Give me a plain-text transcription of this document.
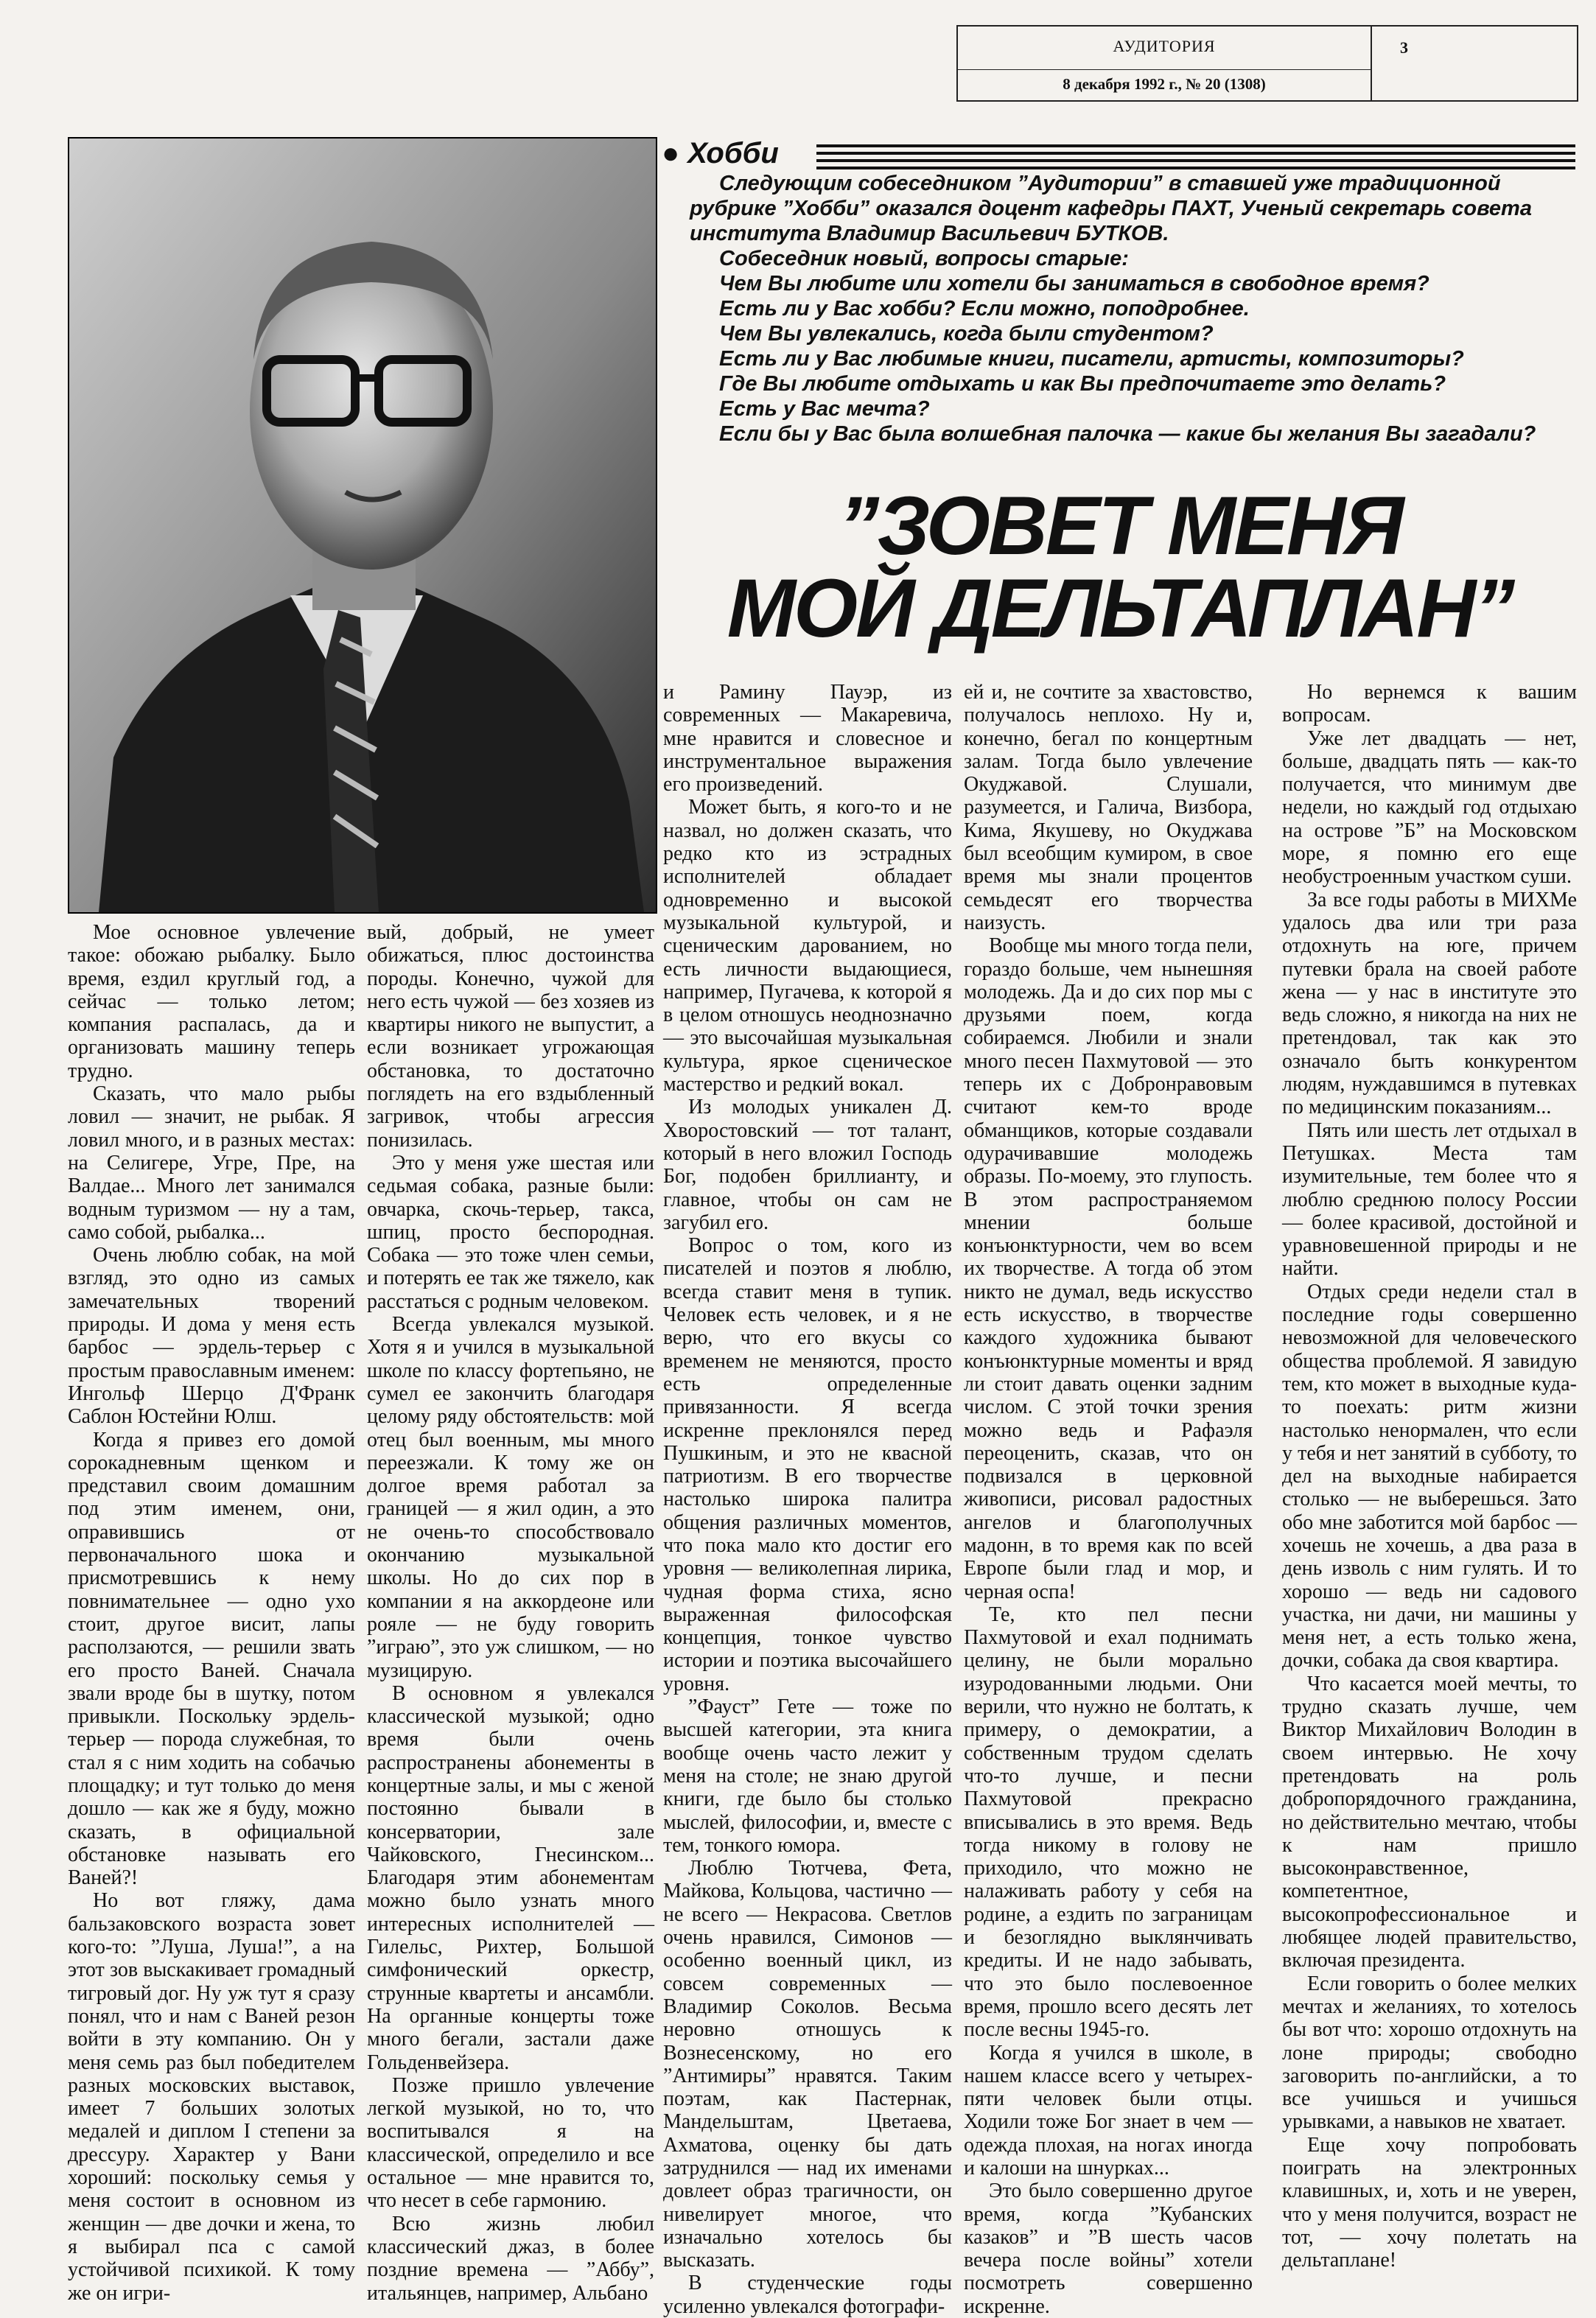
АУДИТОРИЯ
8 декабря 1992 г., № 20 (1308)
3
● Хобби

Следующим собеседником ”Аудитории” в ставшей уже традиционной рубрике ”Хобби” оказался доцент кафедры ПАХТ, Ученый секретарь совета института Владимир Васильевич БУТКОВ.

Собеседник новый, вопросы старые:

Чем Вы любите или хотели бы заниматься в свободное время?

Есть ли у Вас хобби? Если можно, поподробнее.

Чем Вы увлекались, когда были студентом?

Есть ли у Вас любимые книги, писатели, артисты, композиторы?

Где Вы любите отдыхать и как Вы предпочитаете это делать?

Есть у Вас мечта?

Если бы у Вас была волшебная палочка — какие бы желания Вы загадали?

”ЗОВЕТ МЕНЯ
МОЙ ДЕЛЬТАПЛАН”

Мое основное увлечение такое: обожаю рыбалку. Было время, ездил круглый год, а сейчас — только летом; компания распалась, да и организовать машину теперь трудно.

Сказать, что мало рыбы ловил — значит, не рыбак. Я ловил много, и в разных местах: на Селигере, Угре, Пре, на Валдае... Много лет занимался водным туризмом — ну а там, само собой, рыбалка...

Очень люблю собак, на мой взгляд, это одно из самых замечательных творений природы. И дома у меня есть барбос — эрдель-терьер с простым православным именем: Ингольф Шерцо Д'Франк Саблон Юстейни Юлш.

Когда я привез его домой сорокадневным щенком и представил своим домашним под этим именем, они, оправившись от первоначального шока и присмотревшись к нему повнимательнее — одно ухо стоит, другое висит, лапы расползаются, — решили звать его просто Ваней. Сначала звали вроде бы в шутку, потом привыкли. Поскольку эрдель-терьер — порода служебная, то стал я с ним ходить на собачью площадку; и тут только до меня дошло — как же я буду, можно сказать, в официальной обстановке называть его Ваней?!

Но вот гляжу, дама бальзаковского возраста зовет кого-то: ”Луша, Луша!”, а на этот зов выскакивает громадный тигровый дог. Ну уж тут я сразу понял, что и нам с Ваней резон войти в эту компанию. Он у меня семь раз был победителем разных московских выставок, имеет 7 больших золотых медалей и диплом I степени за дрессуру. Характер у Вани хороший: поскольку семья у меня состоит в основном из женщин — две дочки и жена, то я выбирал пса с самой устойчивой психикой. К тому же он игри-

вый, добрый, не умеет обижаться, плюс достоинства породы. Конечно, чужой для него есть чужой — без хозяев из квартиры никого не выпустит, а если возникает угрожающая обстановка, то достаточно поглядеть на его вздыбленный загривок, чтобы агрессия понизилась.

Это у меня уже шестая или седьмая собака, разные были: овчарка, скочь-терьер, такса, шпиц, просто беспородная. Собака — это тоже член семьи, и потерять ее так же тяжело, как расстаться с родным человеком.

Всегда увлекался музыкой. Хотя я и учился в музыкальной школе по классу фортепьяно, не сумел ее закончить благодаря целому ряду обстоятельств: мой отец был военным, мы много переезжали. К тому же он долгое время работал за границей — я жил один, а это не очень-то способствовало окончанию музыкальной школы. Но до сих пор в компании я на аккордеоне или рояле — не буду говорить ”играю”, это уж слишком, — но музицирую.

В основном я увлекался классической музыкой; одно время были очень распространены абонементы в концертные залы, и мы с женой постоянно бывали в консерватории, зале Чайковского, Гнесинском... Благодаря этим абонементам можно было узнать много интересных исполнителей — Гилельс, Рихтер, Большой симфонический оркестр, струнные квартеты и ансамбли. На органные концерты тоже много бегали, застали даже Гольденвейзера.

Позже пришло увлечение легкой музыкой, но то, что воспитывался я на классической, определило и все остальное — мне нравится то, что несет в себе гармонию.

Всю жизнь любил классический джаз, в более поздние времена — ”Аббу”, итальянцев, например, Альбано

и Рамину Пауэр, из современных — Макаревича, мне нравится и словесное и инструментальное выражения его произведений.

Может быть, я кого-то и не назвал, но должен сказать, что редко кто из эстрадных исполнителей обладает одновременно и высокой музыкальной культурой, и сценическим дарованием, но есть личности выдающиеся, например, Пугачева, к которой я в целом отношусь неоднозначно — это высочайшая музыкальная культура, яркое сценическое мастерство и редкий вокал.

Из молодых уникален Д. Хворостовский — тот талант, который в него вложил Господь Бог, подобен бриллианту, и главное, чтобы он сам не загубил его.

Вопрос о том, кого из писателей и поэтов я люблю, всегда ставит меня в тупик. Человек есть человек, и я не верю, что его вкусы со временем не меняются, просто есть определенные привязанности. Я всегда искренне преклонялся перед Пушкиным, и это не квасной патриотизм. В его творчестве настолько широка палитра общения различных моментов, что пока мало кто достиг его уровня — великолепная лирика, чудная форма стиха, ясно выраженная философская концепция, тонкое чувство истории и поэтика высочайшего уровня.

”Фауст” Гете — тоже по высшей категории, эта книга вообще очень часто лежит у меня на столе; не знаю другой книги, где было бы столько мыслей, философии, и, вместе с тем, тонкого юмора.

Люблю Тютчева, Фета, Майкова, Кольцова, частично — не всего — Некрасова. Светлов очень нравился, Симонов — особенно военный цикл, из совсем современных — Владимир Соколов. Весьма неровно отношусь к Вознесенскому, но его ”Антимиры” нравятся. Таким поэтам, как Пастернак, Мандельштам, Цветаева, Ахматова, оценку бы дать затруднился — над их именами довлеет образ трагичности, он нивелирует многое, что изначально хотелось бы высказать.

В студенческие годы усиленно увлекался фотографи-

ей и, не сочтите за хвастовство, получалось неплохо. Ну и, конечно, бегал по концертным залам. Тогда было увлечение Окуджавой. Слушали, разумеется, и Галича, Визбора, Кима, Якушеву, но Окуджава был всеобщим кумиром, в свое время мы знали процентов семьдесят его творчества наизусть.

Вообще мы много тогда пели, гораздо больше, чем нынешняя молодежь. Да и до сих пор мы с друзьями поем, когда собираемся. Любили и знали много песен Пахмутовой — это теперь их с Добронравовым считают кем-то вроде обманщиков, которые создавали одурачивавшие молодежь образы. По-моему, это глупость. В этом распространяемом мнении больше конъюнктурности, чем во всем их творчестве. А тогда об этом никто не думал, ведь искусство есть искусство, в творчестве каждого художника бывают конъюнктурные моменты и вряд ли стоит давать оценки задним числом. С этой точки зрения можно ведь и Рафаэля переоценить, сказав, что он подвизался в церковной живописи, рисовал радостных ангелов и благополучных мадонн, в то время как по всей Европе были глад и мор, и черная оспа!

Те, кто пел песни Пахмутовой и ехал поднимать целину, не были морально изуродованными людьми. Они верили, что нужно не болтать, к примеру, о демократии, а собственным трудом сделать что-то лучше, и песни Пахмутовой прекрасно вписывались в это время. Ведь тогда никому в голову не приходило, что можно не налаживать работу у себя на родине, а ездить по заграницам и безоглядно выклянчивать кредиты. И не надо забывать, что это было послевоенное время, прошло всего десять лет после весны 1945-го.

Когда я учился в школе, в нашем классе всего у четырех-пяти человек были отцы. Ходили тоже Бог знает в чем — одежда плохая, на ногах иногда и калоши на шнурках...

Это было совершенно другое время, когда ”Кубанских казаков” и ”В шесть часов вечера после войны” хотели посмотреть совершенно искренне.

Но вернемся к вашим вопросам.

Уже лет двадцать — нет, больше, двадцать пять — как-то получается, что минимум две недели, но каждый год отдыхаю на острове ”Б” на Московском море, я помню его еще необустроенным участком суши.

За все годы работы в МИХМе удалось два или три раза отдохнуть на юге, причем путевки брала на своей работе жена — у нас в институте это ведь сложно, я никогда на них не претендовал, так как это означало быть конкурентом людям, нуждавшимся в путевках по медицинским показаниям...

Пять или шесть лет отдыхал в Петушках. Места там изумительные, тем более что я люблю среднюю полосу России — более красивой, достойной и уравновешенной природы и не найти.

Отдых среди недели стал в последние годы совершенно невозможной для человеческого общества проблемой. Я завидую тем, кто может в выходные куда-то поехать: ритм жизни настолько ненормален, что если у тебя и нет занятий в субботу, то дел на выходные набирается столько — не выберешься. Зато обо мне заботится мой барбос — хочешь не хочешь, а два раза в день изволь с ним гулять. И то хорошо — ведь ни садового участка, ни дачи, ни машины у меня нет, а есть только жена, дочки, собака да своя квартира.

Что касается моей мечты, то трудно сказать лучше, чем Виктор Михайлович Володин в своем интервью. Не хочу претендовать на роль добропорядочного гражданина, но действительно мечтаю, чтобы к нам пришло высоконравственное, компетентное, высокопрофессиональное и любящее людей правительство, включая президента.

Если говорить о более мелких мечтах и желаниях, то хотелось бы вот что: хорошо отдохнуть на лоне природы; свободно заговорить по-английски, а то все учишься и учишься урывками, а навыков не хватает.

Еще хочу попробовать поиграть на электронных клавишных, и, хоть и не уверен, что у меня получится, возраст не тот, — хочу полетать на дельтаплане!
